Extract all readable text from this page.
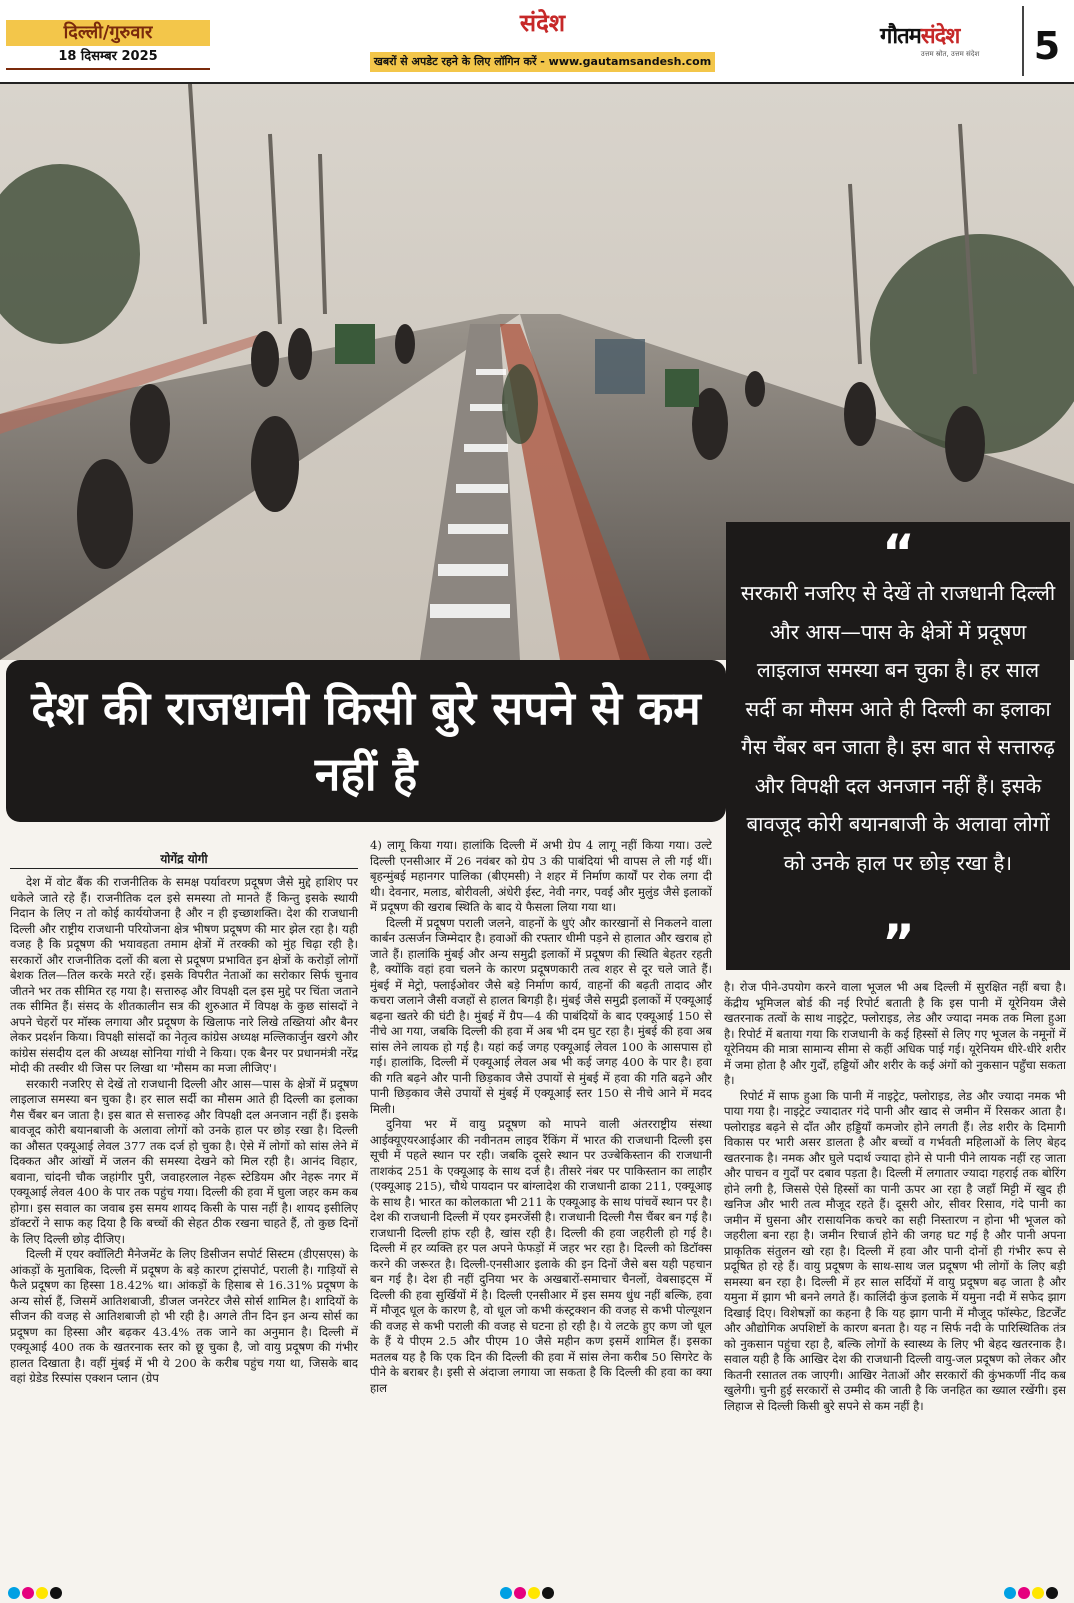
दिल्ली/गुरुवार
18 दिसम्बर 2025
संदेश
खबरों से अपडेट रहने के लिए लॉगिन करें - www.gautamsandesh.com
गौतमसंदेश
उत्तम स्रोत, उत्तम संदेश	5
देश की राजधानी किसी बुरे सपने से कम नहीं है
“
सरकारी नजरिए से देखें तो राजधानी दिल्ली और आस—पास के क्षेत्रों में प्रदूषण लाइलाज समस्या बन चुका है। हर साल सर्दी का मौसम आते ही दिल्ली का इलाका गैस चैंबर बन जाता है। इस बात से सत्तारुढ़ और विपक्षी दल अनजान नहीं हैं। इसके बावजूद कोरी बयानबाजी के अलावा लोगों को उनके हाल पर छोड़ रखा है।
”
योगेंद्र योगी

देश में वोट बैंक की राजनीतिक के समक्ष पर्यावरण प्रदूषण जैसे मुद्दे हाशिए पर धकेले जाते रहे हैं। राजनीतिक दल इसे समस्या तो मानते हैं किन्तु इसके स्थायी निदान के लिए न तो कोई कार्ययोजना है और न ही इच्छाशक्ति। देश की राजधानी दिल्ली और राष्ट्रीय राजधानी परियोजना क्षेत्र भीषण प्रदूषण की मार झेल रहा है। यही वजह है कि प्रदूषण की भयावहता तमाम क्षेत्रों में तरक्की को मुंह चिढ़ा रही है। सरकारों और राजनीतिक दलों की बला से प्रदूषण प्रभावित इन क्षेत्रों के करोड़ों लोगों बेशक तिल—तिल करके मरते रहें। इसके विपरीत नेताओं का सरोकार सिर्फ चुनाव जीतने भर तक सीमित रह गया है। सत्तारुढ़ और विपक्षी दल इस मुद्दे पर चिंता जताने तक सीमित हैं। संसद के शीतकालीन सत्र की शुरुआत में विपक्ष के कुछ सांसदों ने अपने चेहरों पर मॉस्क लगाया और प्रदूषण के खिलाफ नारे लिखे तख्तियां और बैनर लेकर प्रदर्शन किया। विपक्षी सांसदों का नेतृत्व कांग्रेस अध्यक्ष मल्लिकार्जुन खरगे और कांग्रेस संसदीय दल की अध्यक्ष सोनिया गांधी ने किया। एक बैनर पर प्रधानमंत्री नरेंद्र मोदी की तस्वीर थी जिस पर लिखा था 'मौसम का मजा लीजिए'।

सरकारी नजरिए से देखें तो राजधानी दिल्ली और आस—पास के क्षेत्रों में प्रदूषण लाइलाज समस्या बन चुका है। हर साल सर्दी का मौसम आते ही दिल्ली का इलाका गैस चैंबर बन जाता है। इस बात से सत्तारुढ़ और विपक्षी दल अनजान नहीं हैं। इसके बावजूद कोरी बयानबाजी के अलावा लोगों को उनके हाल पर छोड़ रखा है। दिल्ली का औसत एक्यूआई लेवल 377 तक दर्ज हो चुका है। ऐसे में लोगों को सांस लेने में दिक्कत और आंखों में जलन की समस्या देखने को मिल रही है। आनंद विहार, बवाना, चांदनी चौक जहांगीर पुरी, जवाहरलाल नेहरू स्टेडियम और नेहरू नगर में एक्यूआई लेवल 400 के पार तक पहुंच गया। दिल्ली की हवा में घुला जहर कम कब होगा। इस सवाल का जवाब इस समय शायद किसी के पास नहीं है। शायद इसीलिए डॉक्टरों ने साफ कह दिया है कि बच्चों की सेहत ठीक रखना चाहते हैं, तो कुछ दिनों के लिए दिल्ली छोड़ दीजिए।

दिल्ली में एयर क्वॉलिटी मैनेजमेंट के लिए डिसीजन सपोर्ट सिस्टम (डीएसएस) के आंकड़ों के मुताबिक, दिल्ली में प्रदूषण के बड़े कारण ट्रांसपोर्ट, पराली है। गाड़ियों से फैले प्रदूषण का हिस्सा 18.42% था। आंकड़ों के हिसाब से 16.31% प्रदूषण के अन्य सोर्स हैं, जिसमें आतिशबाजी, डीजल जनरेटर जैसे सोर्स शामिल है। शादियों के सीजन की वजह से आतिशबाजी हो भी रही है। अगले तीन दिन इन अन्य सोर्स का प्रदूषण का हिस्सा और बढ़कर 43.4% तक जाने का अनुमान है। दिल्ली में एक्यूआई 400 तक के खतरनाक स्तर को छू चुका है, जो वायु प्रदूषण की गंभीर हालत दिखाता है। वहीं मुंबई में भी ये 200 के करीब पहुंच गया था, जिसके बाद वहां ग्रेडेड रिस्पांस एक्शन प्लान (ग्रेप

4) लागू किया गया। हालांकि दिल्ली में अभी ग्रेप 4 लागू नहीं किया गया। उल्टे दिल्ली एनसीआर में 26 नवंबर को ग्रेप 3 की पाबंदियां भी वापस ले ली गई थीं। बृहन्मुंबई महानगर पालिका (बीएमसी) ने शहर में निर्माण कार्यों पर रोक लगा दी थी। देवनार, मलाड, बोरीवली, अंधेरी ईस्ट, नेवी नगर, पवई और मुलुंड जैसे इलाकों में प्रदूषण की खराब स्थिति के बाद ये फैसला लिया गया था।

दिल्ली में प्रदूषण पराली जलने, वाहनों के धुएं और कारखानों से निकलने वाला कार्बन उत्सर्जन जिम्मेदार है। हवाओं की रफ्तार धीमी पड़ने से हालात और खराब हो जाते हैं। हालांकि मुंबई और अन्य समुद्री इलाकों में प्रदूषण की स्थिति बेहतर रहती है, क्योंकि वहां हवा चलने के कारण प्रदूषणकारी तत्व शहर से दूर चले जाते हैं। मुंबई में मेट्रो, फ्लाईओवर जैसे बड़े निर्माण कार्य, वाहनों की बढ़ती तादाद और कचरा जलाने जैसी वजहों से हालत बिगड़ी है। मुंबई जैसे समुद्री इलाकों में एक्यूआई बढ़ना खतरे की घंटी है। मुंबई में ग्रैप—4 की पाबंदियों के बाद एक्यूआई 150 से नीचे आ गया, जबकि दिल्ली की हवा में अब भी दम घुट रहा है। मुंबई की हवा अब सांस लेने लायक हो गई है। यहां कई जगह एक्यूआई लेवल 100 के आसपास हो गई। हालांकि, दिल्ली में एक्यूआई लेवल अब भी कई जगह 400 के पार है। हवा की गति बढ़ने और पानी छिड़काव जैसे उपायों से मुंबई में हवा की गति बढ़ने और पानी छिड़काव जैसे उपायों से मुंबई में एक्यूआई स्तर 150 से नीचे आने में मदद मिली।

दुनिया भर में वायु प्रदूषण को मापने वाली अंतरराष्ट्रीय संस्था आईक्यूएयरआईआर की नवीनतम लाइव रैंकिंग में भारत की राजधानी दिल्ली इस सूची में पहले स्थान पर रही। जबकि दूसरे स्थान पर उज्बेकिस्तान की राजधानी ताशकंद 251 के एक्यूआइ के साथ दर्ज है। तीसरे नंबर पर पाकिस्तान का लाहौर (एक्यूआइ 215), चौथे पायदान पर बांग्लादेश की राजधानी ढाका 211, एक्यूआइ के साथ है। भारत का कोलकाता भी 211 के एक्यूआइ के साथ पांचवें स्थान पर है। देश की राजधानी दिल्ली में एयर इमरजेंसी है। राजधानी दिल्ली गैस चैंबर बन गई है। राजधानी दिल्ली हांफ रही है, खांस रही है। दिल्ली की हवा जहरीली हो गई है। दिल्ली में हर व्यक्ति हर पल अपने फेफड़ों में जहर भर रहा है। दिल्ली को डिटॉक्स करने की जरूरत है। दिल्ली-एनसीआर इलाके की इन दिनों जैसे बस यही पहचान बन गई है। देश ही नहीं दुनिया भर के अखबारों-समाचार चैनलों, वेबसाइट्स में दिल्ली की हवा सुर्खियों में है। दिल्ली एनसीआर में इस समय धुंध नहीं बल्कि, हवा में मौजूद धूल के कारण है, वो धूल जो कभी कंस्ट्रक्शन की वजह से कभी पोल्यूशन की वजह से कभी पराली की वजह से घटना हो रही है। ये लटके हुए कण जो धूल के हैं ये पीएम 2.5 और पीएम 10 जैसे महीन कण इसमें शामिल हैं। इसका मतलब यह है कि एक दिन की दिल्ली की हवा में सांस लेना करीब 50 सिगरेट के पीने के बराबर है। इसी से अंदाजा लगाया जा सकता है कि दिल्ली की हवा का क्या हाल

है। रोज पीने-उपयोग करने वाला भूजल भी अब दिल्ली में सुरक्षित नहीं बचा है। केंद्रीय भूमिजल बोर्ड की नई रिपोर्ट बताती है कि इस पानी में यूरेनियम जैसे खतरनाक तत्वों के साथ नाइट्रेट, फ्लोराइड, लेड और ज्यादा नमक तक मिला हुआ है। रिपोर्ट में बताया गया कि राजधानी के कई हिस्सों से लिए गए भूजल के नमूनों में यूरेनियम की मात्रा सामान्य सीमा से कहीं अधिक पाई गई। यूरेनियम धीरे-धीरे शरीर में जमा होता है और गुर्दों, हड्डियों और शरीर के कई अंगों को नुकसान पहुँचा सकता है।

रिपोर्ट में साफ हुआ कि पानी में नाइट्रेट, फ्लोराइड, लेड और ज्यादा नमक भी पाया गया है। नाइट्रेट ज्यादातर गंदे पानी और खाद से जमीन में रिसकर आता है। फ्लोराइड बढ़ने से दाँत और हड्डियाँ कमजोर होने लगती हैं। लेड शरीर के दिमागी विकास पर भारी असर डालता है और बच्चों व गर्भवती महिलाओं के लिए बेहद खतरनाक है। नमक और घुले पदार्थ ज्यादा होने से पानी पीने लायक नहीं रह जाता और पाचन व गुर्दों पर दबाव पड़ता है। दिल्ली में लगातार ज्यादा गहराई तक बोरिंग होने लगी है, जिससे ऐसे हिस्सों का पानी ऊपर आ रहा है जहाँ मिट्टी में खुद ही खनिज और भारी तत्व मौजूद रहते हैं। दूसरी ओर, सीवर रिसाव, गंदे पानी का जमीन में घुसना और रासायनिक कचरे का सही निस्तारण न होना भी भूजल को जहरीला बना रहा है। जमीन रिचार्ज होने की जगह घट गई है और पानी अपना प्राकृतिक संतुलन खो रहा है। दिल्ली में हवा और पानी दोनों ही गंभीर रूप से प्रदूषित हो रहे हैं। वायु प्रदूषण के साथ-साथ जल प्रदूषण भी लोगों के लिए बड़ी समस्या बन रहा है। दिल्ली में हर साल सर्दियों में वायु प्रदूषण बढ़ जाता है और यमुना में झाग भी बनने लगते हैं। कालिंदी कुंज इलाके में यमुना नदी में सफेद झाग दिखाई दिए। विशेषज्ञों का कहना है कि यह झाग पानी में मौजूद फॉस्फेट, डिटर्जेंट और औद्योगिक अपशिष्टों के कारण बनता है। यह न सिर्फ नदी के पारिस्थितिक तंत्र को नुकसान पहुंचा रहा है, बल्कि लोगों के स्वास्थ्य के लिए भी बेहद खतरनाक है। सवाल यही है कि आखिर देश की राजधानी दिल्ली वायु-जल प्रदूषण को लेकर और कितनी रसातल तक जाएगी। आखिर नेताओं और सरकारों की कुंभकर्णी नींद कब खुलेगी। चुनी हुई सरकारों से उम्मीद की जाती है कि जनहित का ख्याल रखेंगी। इस लिहाज से दिल्ली किसी बुरे सपने से कम नहीं है।
